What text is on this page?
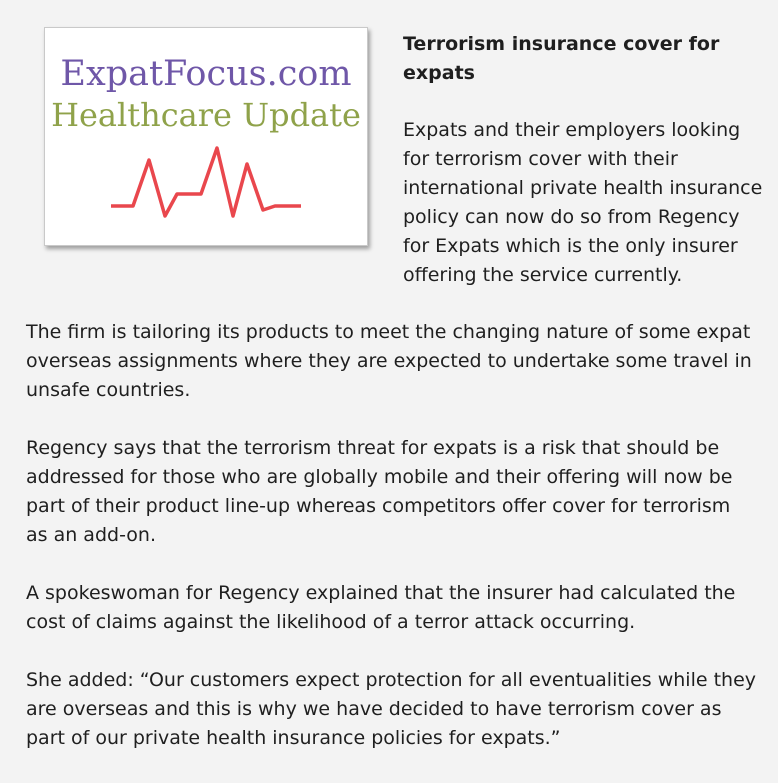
ExpatFocus.com
Healthcare Update
Terrorism insurance cover for expats

Expats and their employers looking for terrorism cover with their international private health insurance policy can now do so from Regency for Expats which is the only insurer offering the service currently.

The firm is tailoring its products to meet the changing nature of some expat overseas assignments where they are expected to undertake some travel in unsafe countries.

Regency says that the terrorism threat for expats is a risk that should be addressed for those who are globally mobile and their offering will now be part of their product line-up whereas competitors offer cover for terrorism as an add-on.

A spokeswoman for Regency explained that the insurer had calculated the cost of claims against the likelihood of a terror attack occurring.

She added: “Our customers expect protection for all eventualities while they are overseas and this is why we have decided to have terrorism cover as part of our private health insurance policies for expats.”
